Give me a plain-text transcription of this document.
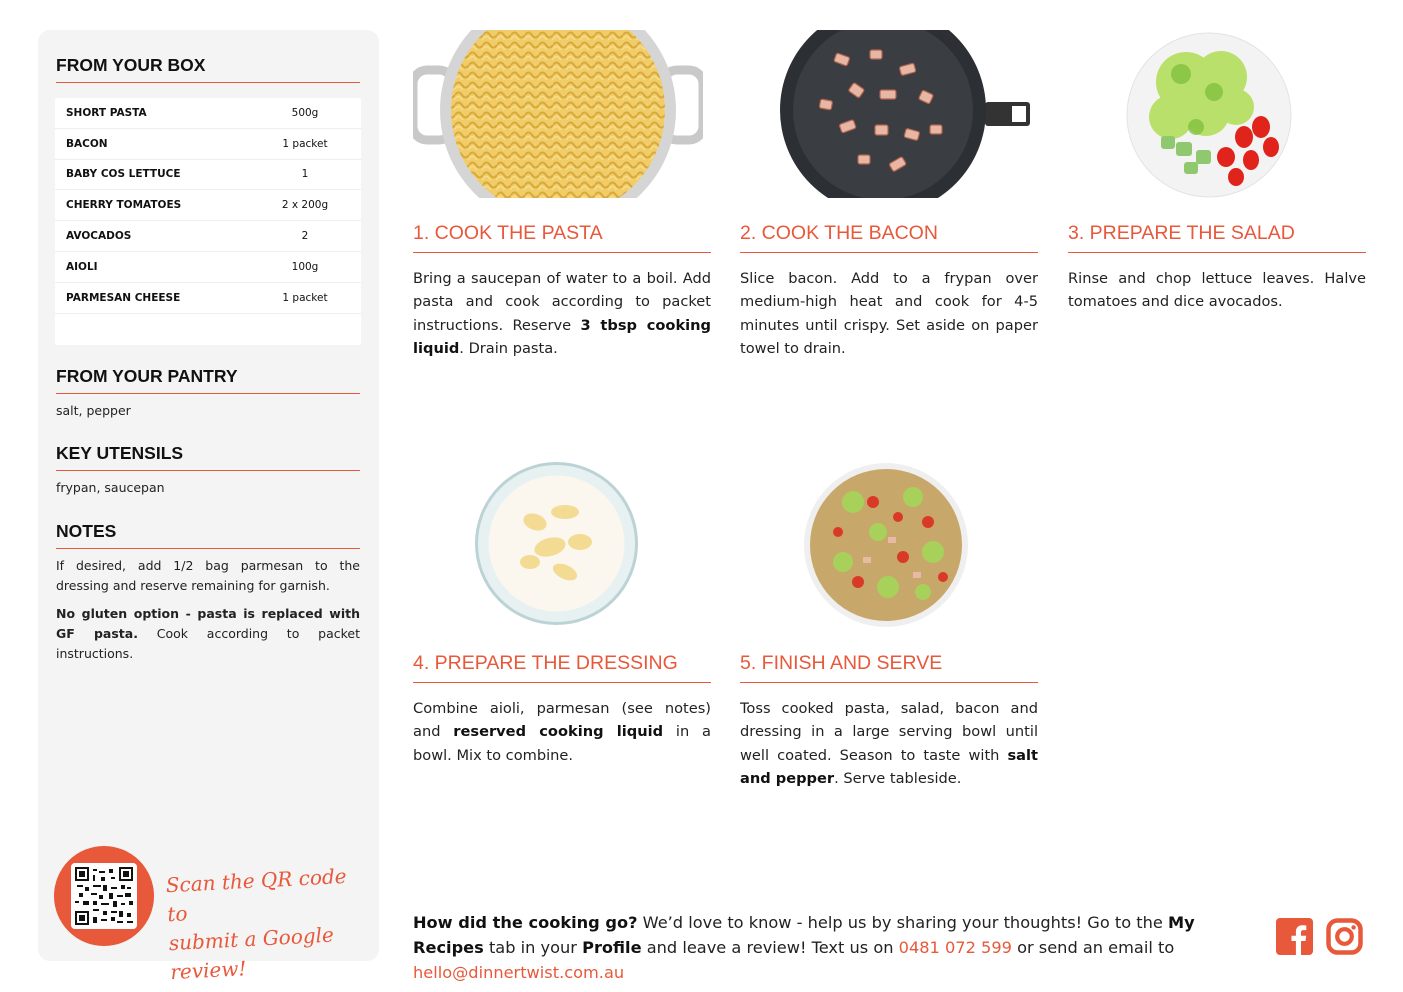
FROM YOUR BOX
SHORT PASTA	500g
BACON	1 packet
BABY COS LETTUCE	1
CHERRY TOMATOES	2 x 200g
AVOCADOS	2
AIOLI	100g
PARMESAN CHEESE	1 packet
FROM YOUR PANTRY
salt, pepper
KEY UTENSILS
frypan, saucepan
NOTES
If desired, add 1/2 bag parmesan to the dressing and reserve remaining for garnish.
No gluten option - pasta is replaced with GF pasta. Cook according to packet instructions.
Scan the QR code to
submit a Google review!
1. COOK THE PASTA
Bring a saucepan of water to a boil. Add pasta and cook according to packet instructions. Reserve 3 tbsp cooking liquid. Drain pasta.
2. COOK THE BACON
Slice bacon. Add to a frypan over medium-high heat and cook for 4-5 minutes until crispy. Set aside on paper towel to drain.
3. PREPARE THE SALAD
Rinse and chop lettuce leaves. Halve tomatoes and dice avocados.
4. PREPARE THE DRESSING
Combine aioli, parmesan (see notes) and reserved cooking liquid in a bowl. Mix to combine.
5. FINISH AND SERVE
Toss cooked pasta, salad, bacon and dressing in a large serving bowl until well coated. Season to taste with salt and pepper. Serve tableside.
How did the cooking go? We’d love to know - help us by sharing your thoughts! Go to the My Recipes tab in your Profile and leave a review! Text us on 0481 072 599 or send an email to hello@dinnertwist.com.au
